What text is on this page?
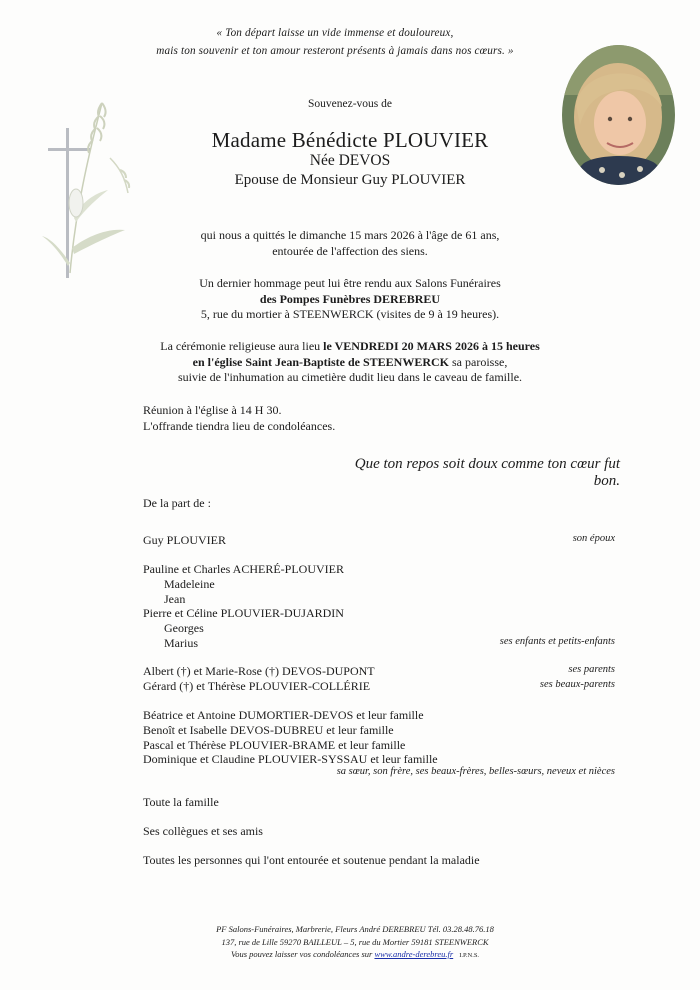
« Ton départ laisse un vide immense et douloureux,
mais ton souvenir et ton amour resteront présents à jamais dans nos cœurs. »
Souvenez-vous de
Madame Bénédicte PLOUVIER
Née DEVOS
Epouse de Monsieur Guy PLOUVIER
qui nous a quittés le dimanche 15 mars 2026 à l'âge de 61 ans,
entourée de l'affection des siens.
Un dernier hommage peut lui être rendu aux Salons Funéraires
des Pompes Funèbres DEREBREU
5, rue du mortier à STEENWERCK (visites de 9 à 19 heures).
La cérémonie religieuse aura lieu le VENDREDI 20 MARS 2026 à 15 heures
en l'église Saint Jean-Baptiste de STEENWERCK sa paroisse,
suivie de l'inhumation au cimetière dudit lieu dans le caveau de famille.
Réunion à l'église à 14 H 30.
L'offrande tiendra lieu de condoléances.
Que ton repos soit doux comme ton cœur fut bon.
De la part de :
Guy PLOUVIER	son époux
Pauline et Charles ACHERÉ-PLOUVIER
Madeleine
Jean
Pierre et Céline PLOUVIER-DUJARDIN
Georges
Marius	ses enfants et petits-enfants
Albert (†) et Marie-Rose (†) DEVOS-DUPONT	ses parents
Gérard (†) et Thérèse PLOUVIER-COLLÉRIE	ses beaux-parents
Béatrice et Antoine DUMORTIER-DEVOS et leur famille
Benoît et Isabelle DEVOS-DUBREU et leur famille
Pascal et Thérèse PLOUVIER-BRAME et leur famille
Dominique et Claudine PLOUVIER-SYSSAU et leur famille
sa sœur, son frère, ses beaux-frères, belles-sœurs, neveux et nièces
Toute la famille
Ses collègues et ses amis
Toutes les personnes qui l'ont entourée et soutenue pendant la maladie
PF Salons-Funéraires, Marbrerie, Fleurs André DEREBREU Tél. 03.28.48.76.18
137, rue de Lille 59270 BAILLEUL – 5, rue du Mortier 59181 STEENWERCK
Vous pouvez laisser vos condoléances sur www.andre-derebreu.fr I.P.N.S.
